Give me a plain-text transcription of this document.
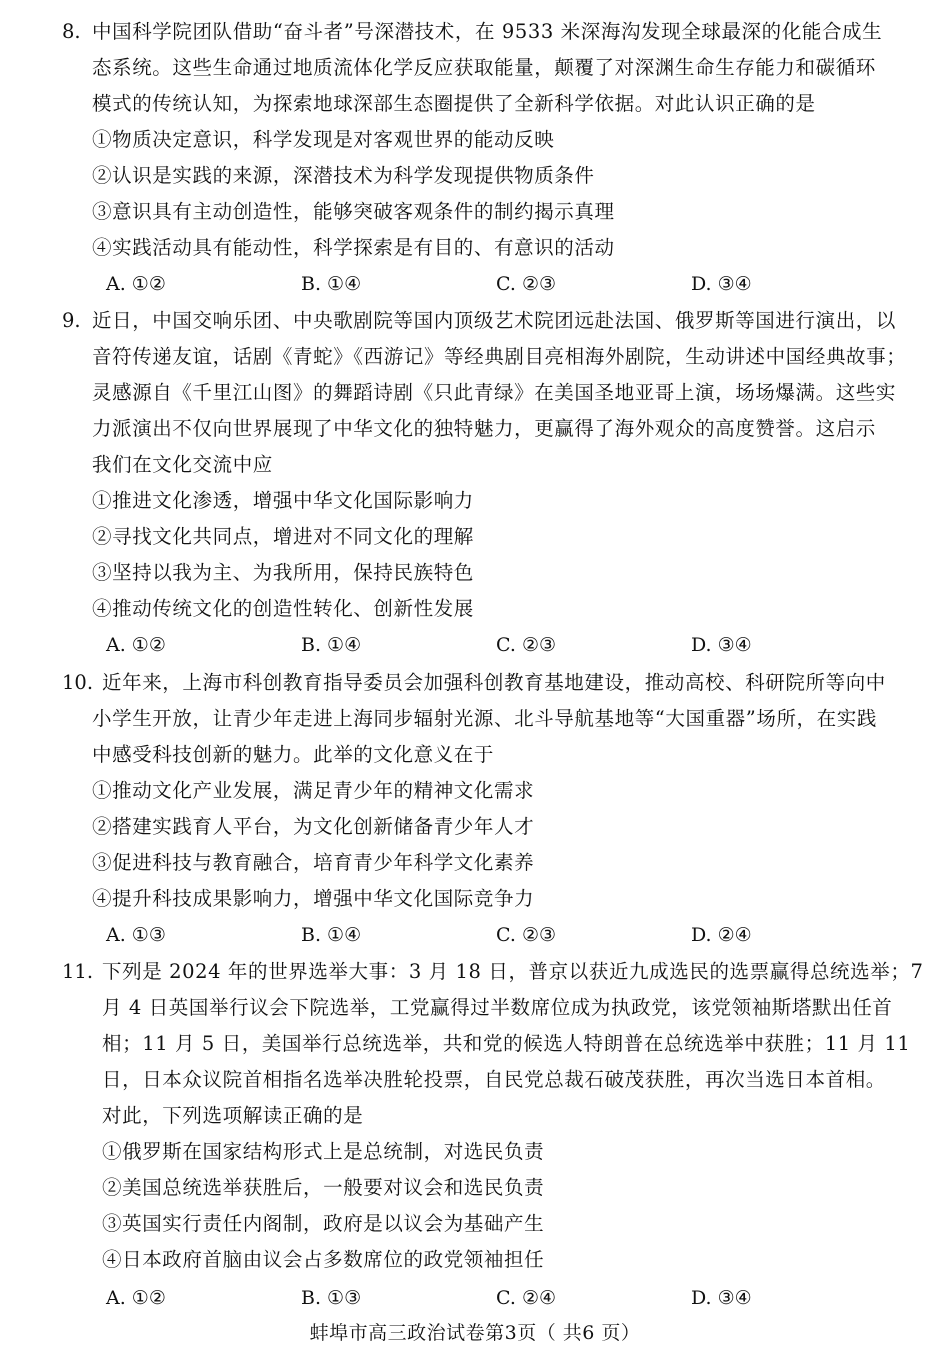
8. 中国科学院团队借助“奋斗者”号深潜技术，在 9533 米深海沟发现全球最深的化能合成生
态系统。这些生命通过地质流体化学反应获取能量，颠覆了对深渊生命生存能力和碳循环
模式的传统认知，为探索地球深部生态圈提供了全新科学依据。对此认识正确的是
①物质决定意识，科学发现是对客观世界的能动反映
②认识是实践的来源，深潜技术为科学发现提供物质条件
③意识具有主动创造性，能够突破客观条件的制约揭示真理
④实践活动具有能动性，科学探索是有目的、有意识的活动
A. ①②	B. ①④	C. ②③	D. ③④
9. 近日，中国交响乐团、中央歌剧院等国内顶级艺术院团远赴法国、俄罗斯等国进行演出，以
音符传递友谊，话剧《青蛇》《西游记》等经典剧目亮相海外剧院，生动讲述中国经典故事；
灵感源自《千里江山图》的舞蹈诗剧《只此青绿》在美国圣地亚哥上演，场场爆满。这些实
力派演出不仅向世界展现了中华文化的独特魅力，更赢得了海外观众的高度赞誉。这启示
我们在文化交流中应
①推进文化渗透，增强中华文化国际影响力
②寻找文化共同点，增进对不同文化的理解
③坚持以我为主、为我所用，保持民族特色
④推动传统文化的创造性转化、创新性发展
A. ①②	B. ①④	C. ②③	D. ③④
10. 近年来，上海市科创教育指导委员会加强科创教育基地建设，推动高校、科研院所等向中
小学生开放，让青少年走进上海同步辐射光源、北斗导航基地等“大国重器”场所，在实践
中感受科技创新的魅力。此举的文化意义在于
①推动文化产业发展，满足青少年的精神文化需求
②搭建实践育人平台，为文化创新储备青少年人才
③促进科技与教育融合，培育青少年科学文化素养
④提升科技成果影响力，增强中华文化国际竞争力
A. ①③	B. ①④	C. ②③	D. ②④
11. 下列是 2024 年的世界选举大事：3 月 18 日，普京以获近九成选民的选票赢得总统选举；7
月 4 日英国举行议会下院选举，工党赢得过半数席位成为执政党，该党领袖斯塔默出任首
相；11 月 5 日，美国举行总统选举，共和党的候选人特朗普在总统选举中获胜；11 月 11
日，日本众议院首相指名选举决胜轮投票，自民党总裁石破茂获胜，再次当选日本首相。
对此，下列选项解读正确的是
①俄罗斯在国家结构形式上是总统制，对选民负责
②美国总统选举获胜后，一般要对议会和选民负责
③英国实行责任内阁制，政府是以议会为基础产生
④日本政府首脑由议会占多数席位的政党领袖担任
A. ①②	B. ①③	C. ②④	D. ③④
蚌埠市高三政治试卷第3页（ 共6 页）
